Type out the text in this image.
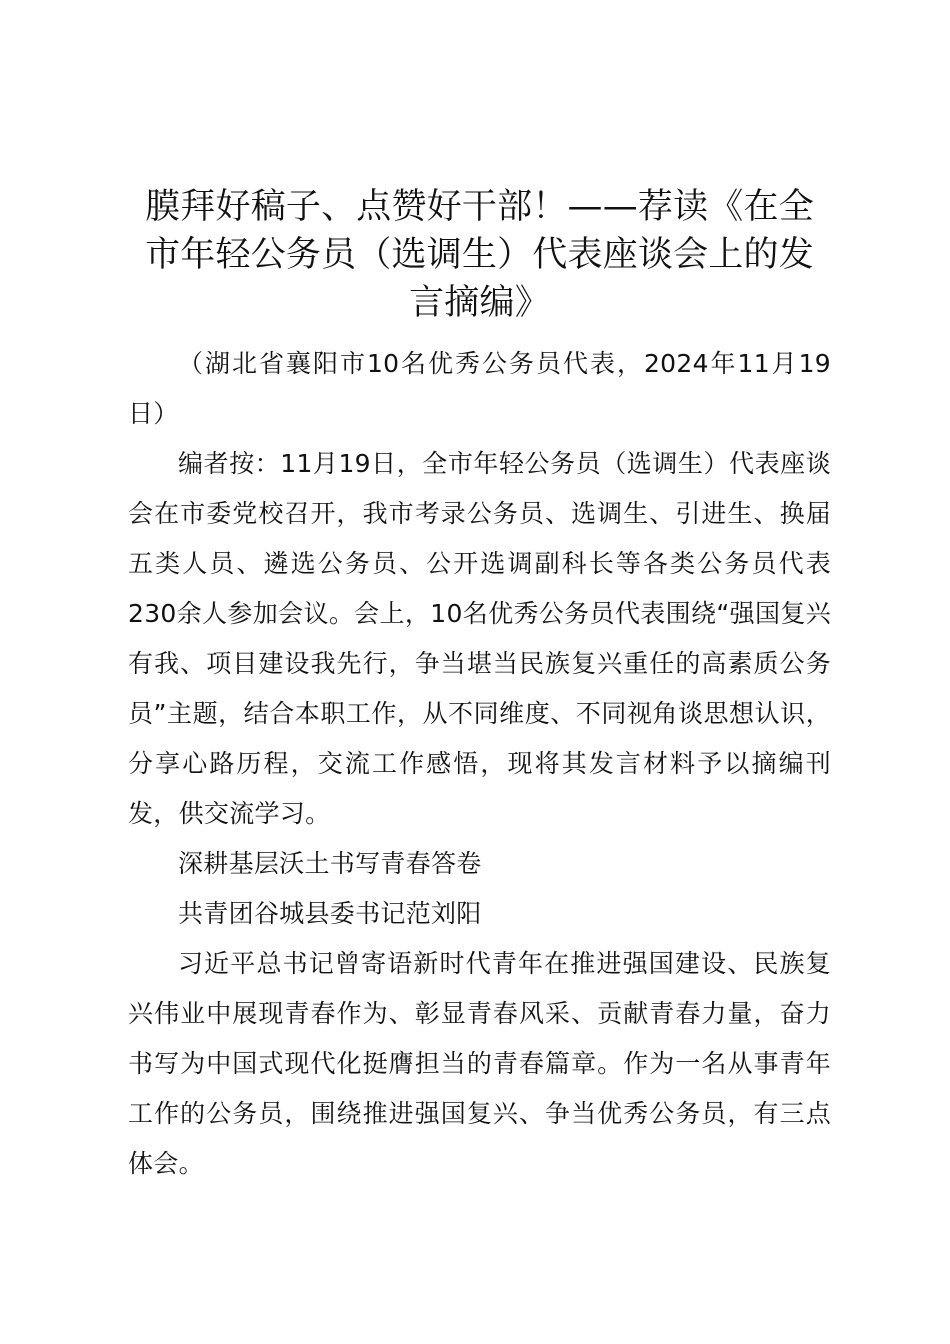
膜拜好稿子、点赞好干部！——荐读《在全市年轻公务员（选调生）代表座谈会上的发言摘编》

（湖北省襄阳市10名优秀公务员代表，2024年11月19日）

编者按：11月19日，全市年轻公务员（选调生）代表座谈会在市委党校召开，我市考录公务员、选调生、引进生、换届五类人员、遴选公务员、公开选调副科长等各类公务员代表230余人参加会议。会上，10名优秀公务员代表围绕“强国复兴有我、项目建设我先行，争当堪当民族复兴重任的高素质公务员”主题，结合本职工作，从不同维度、不同视角谈思想认识，分享心路历程，交流工作感悟，现将其发言材料予以摘编刊发，供交流学习。

深耕基层沃土书写青春答卷

共青团谷城县委书记范刘阳

习近平总书记曾寄语新时代青年在推进强国建设、民族复兴伟业中展现青春作为、彰显青春风采、贡献青春力量，奋力书写为中国式现代化挺膺担当的青春篇章。作为一名从事青年工作的公务员，围绕推进强国复兴、争当优秀公务员，有三点体会。
